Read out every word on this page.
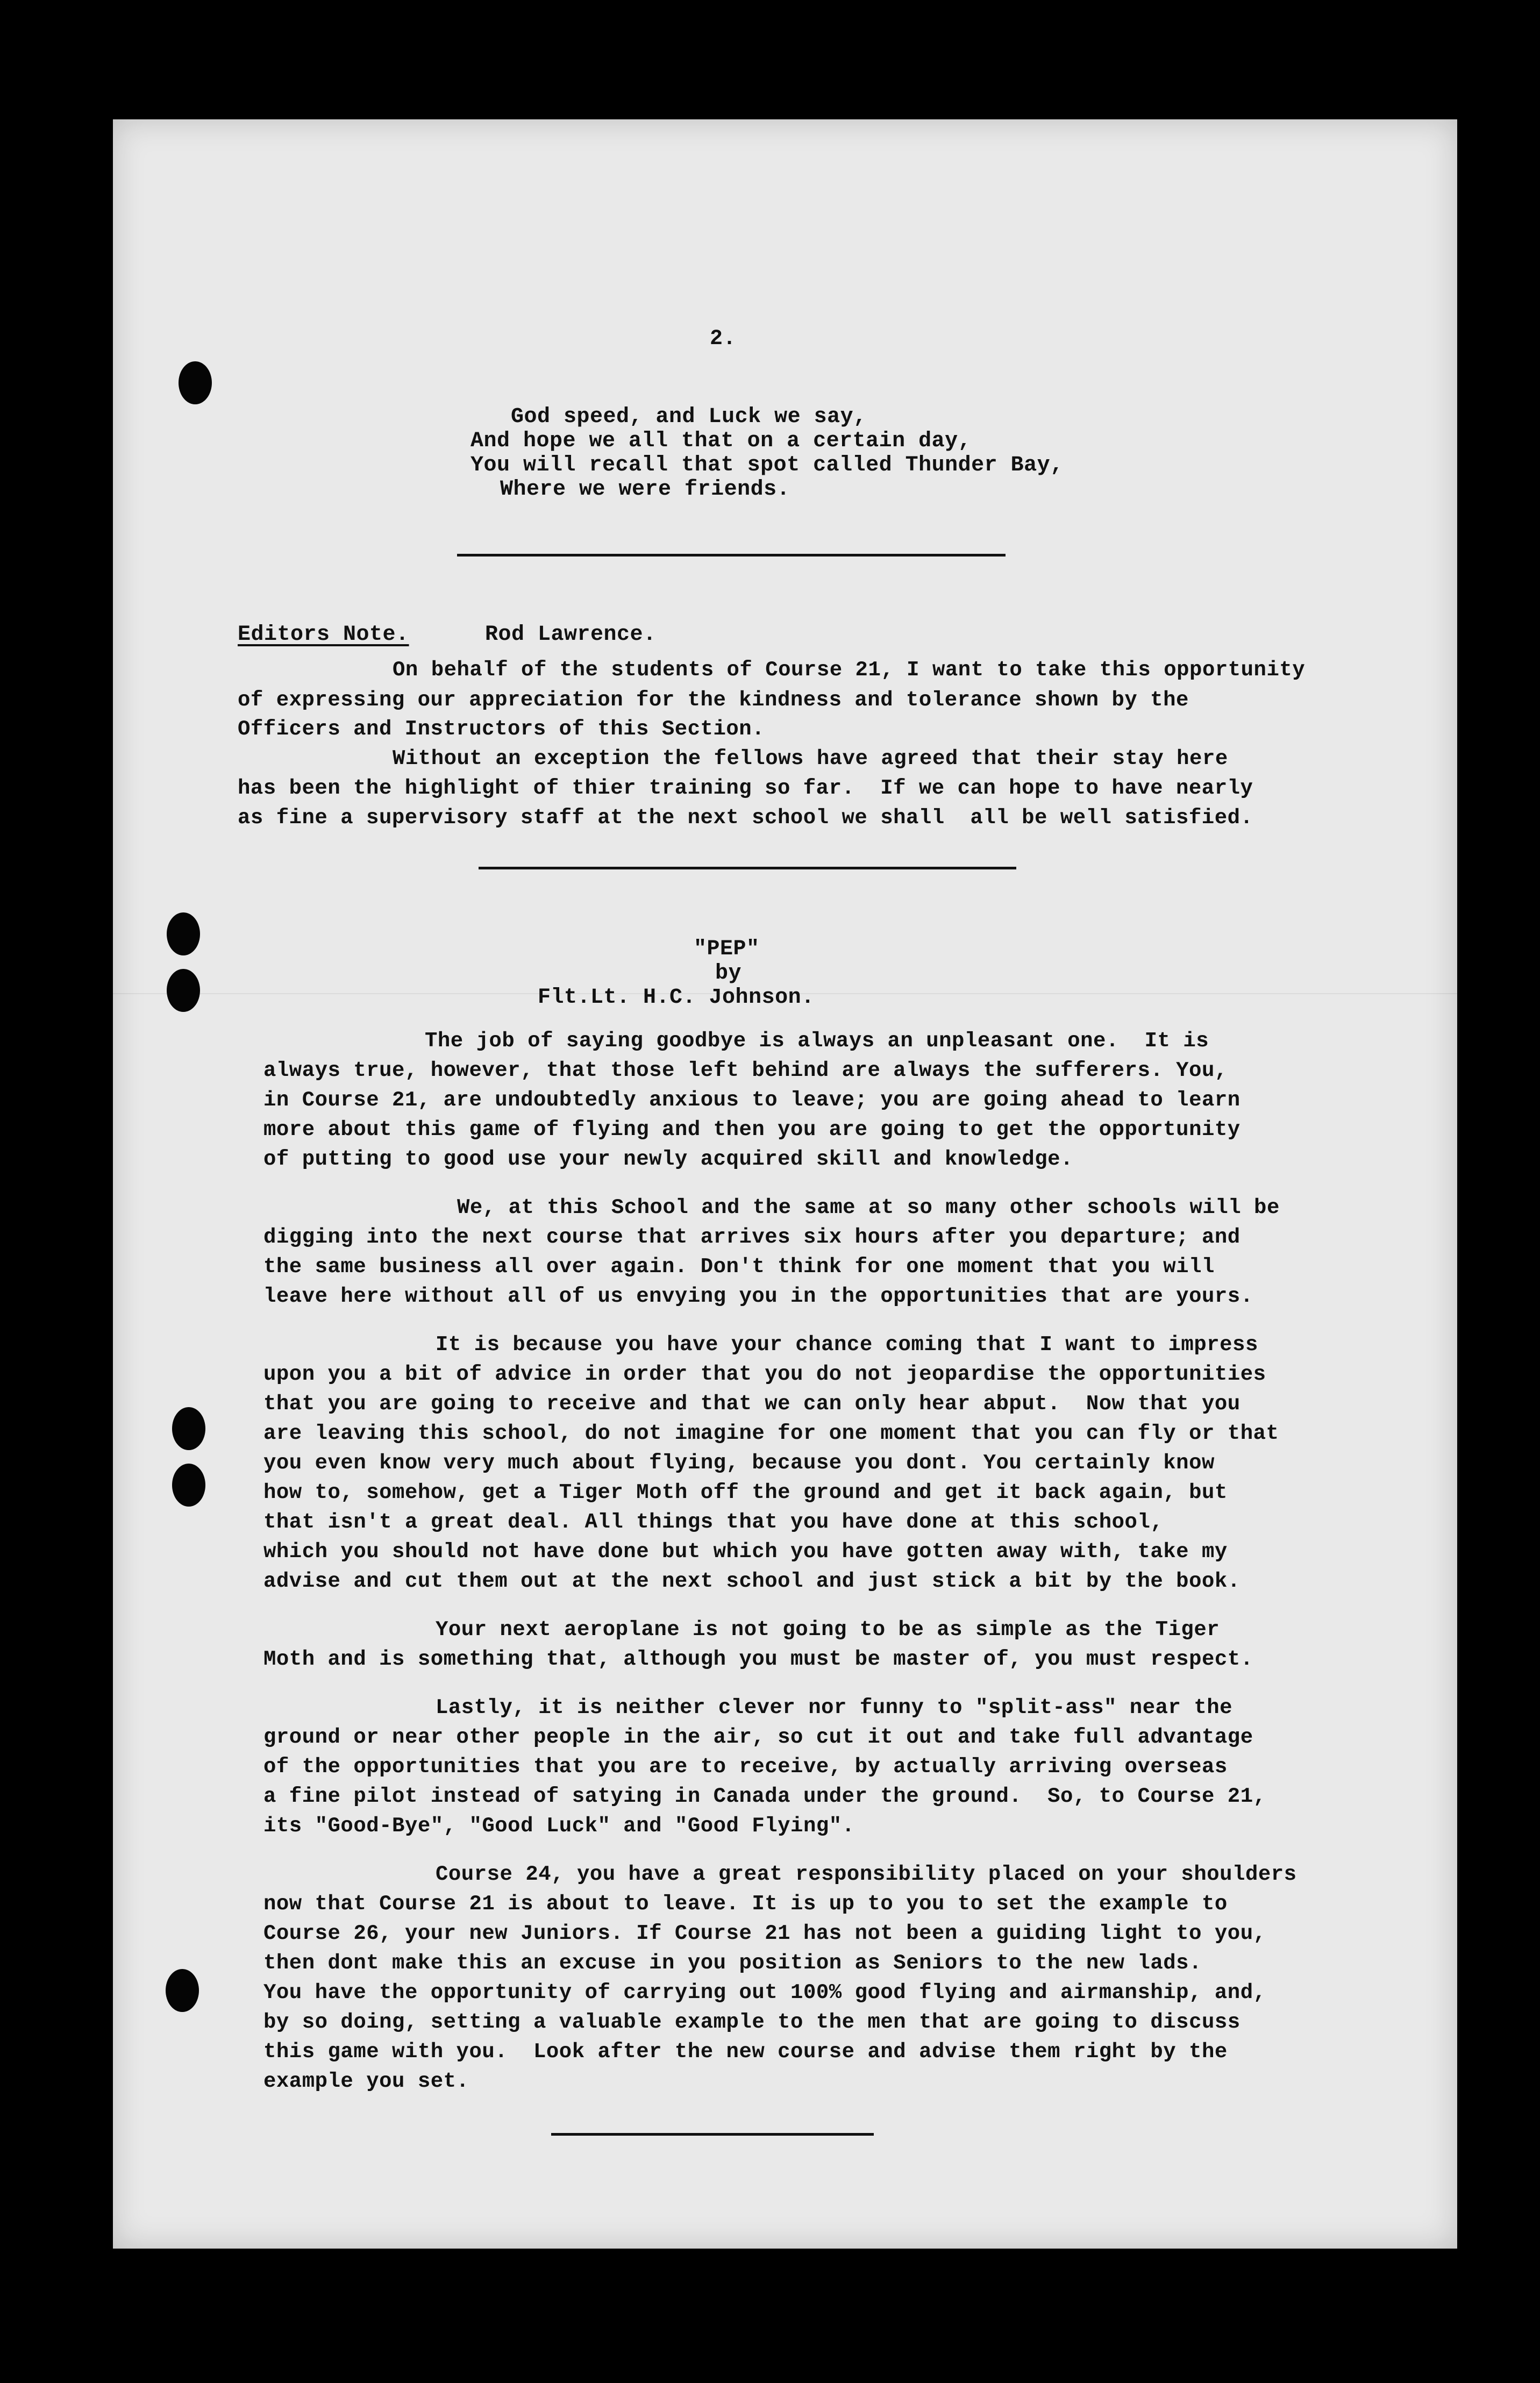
2.
God speed, and Luck we say,
And hope we all that on a certain day,
You will recall that spot called Thunder Bay,
Where we were friends.
Editors Note.	Rod Lawrence.
On behalf of the students of Course 21, I want to take this opportunity
of expressing our appreciation for the kindness and tolerance shown by the
Officers and Instructors of this Section.
Without an exception the fellows have agreed that their stay here
has been the highlight of thier training so far.  If we can hope to have nearly
as fine a supervisory staff at the next school we shall  all be well satisfied.
"PEP"
by
Flt.Lt. H.C. Johnson.
The job of saying goodbye is always an unpleasant one.  It is
always true, however, that those left behind are always the sufferers. You,
in Course 21, are undoubtedly anxious to leave; you are going ahead to learn
more about this game of flying and then you are going to get the opportunity
of putting to good use your newly acquired skill and knowledge.
We, at this School and the same at so many other schools will be
digging into the next course that arrives six hours after you departure; and
the same business all over again. Don't think for one moment that you will
leave here without all of us envying you in the opportunities that are yours.
It is because you have your chance coming that I want to impress
upon you a bit of advice in order that you do not jeopardise the opportunities
that you are going to receive and that we can only hear abput.  Now that you
are leaving this school, do not imagine for one moment that you can fly or that
you even know very much about flying, because you dont. You certainly know
how to, somehow, get a Tiger Moth off the ground and get it back again, but
that isn't a great deal. All things that you have done at this school,
which you should not have done but which you have gotten away with, take my
advise and cut them out at the next school and just stick a bit by the book.
Your next aeroplane is not going to be as simple as the Tiger
Moth and is something that, although you must be master of, you must respect.
Lastly, it is neither clever nor funny to "split-ass" near the
ground or near other people in the air, so cut it out and take full advantage
of the opportunities that you are to receive, by actually arriving overseas
a fine pilot instead of satying in Canada under the ground.  So, to Course 21,
its "Good-Bye", "Good Luck" and "Good Flying".
Course 24, you have a great responsibility placed on your shoulders
now that Course 21 is about to leave. It is up to you to set the example to
Course 26, your new Juniors. If Course 21 has not been a guiding light to you,
then dont make this an excuse in you position as Seniors to the new lads.
You have the opportunity of carrying out 100% good flying and airmanship, and,
by so doing, setting a valuable example to the men that are going to discuss
this game with you.  Look after the new course and advise them right by the
example you set.
